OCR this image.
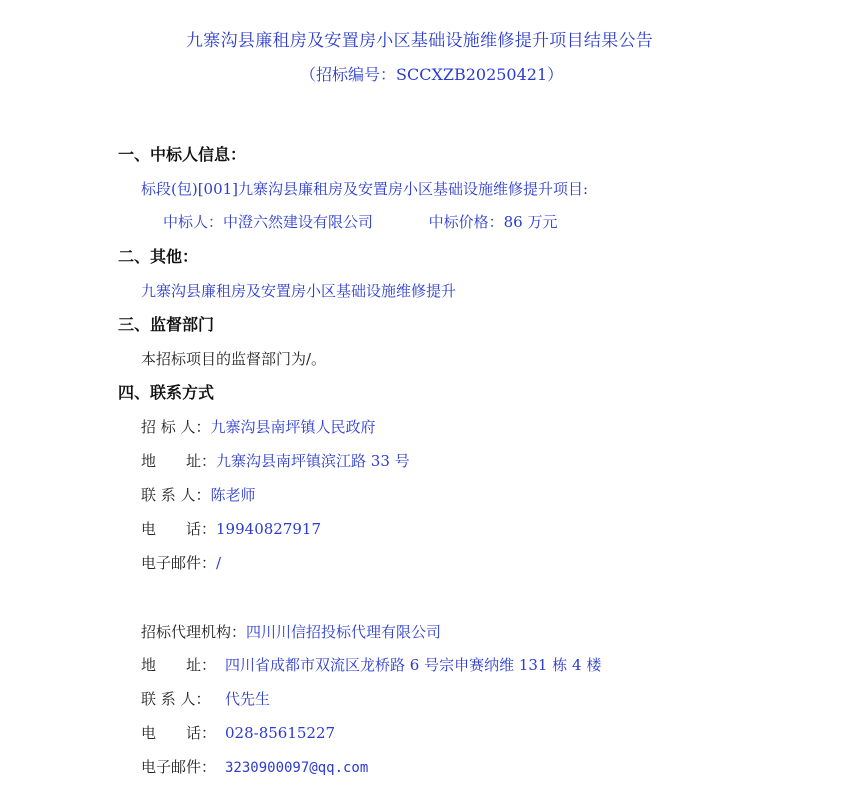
九寨沟县廉租房及安置房小区基础设施维修提升项目结果公告
（招标编号：SCCXZB20250421）
一、中标人信息：
标段(包)[001]九寨沟县廉租房及安置房小区基础设施维修提升项目:
中标人：中澄六然建设有限公司	中标价格：86 万元
二、其他：
九寨沟县廉租房及安置房小区基础设施维修提升
三、监督部门
本招标项目的监督部门为/。
四、联系方式
招 标 人：九寨沟县南坪镇人民政府
地　　址：九寨沟县南坪镇滨江路 33 号
联 系 人：陈老师
电　　话：19940827917
电子邮件：/
招标代理机构：四川川信招投标代理有限公司
地　　址： 四川省成都市双流区龙桥路 6 号宗申赛纳维 131 栋 4 楼
联 系 人： 代先生
电　　话： 028-85615227
电子邮件： 3230900097@qq.com
